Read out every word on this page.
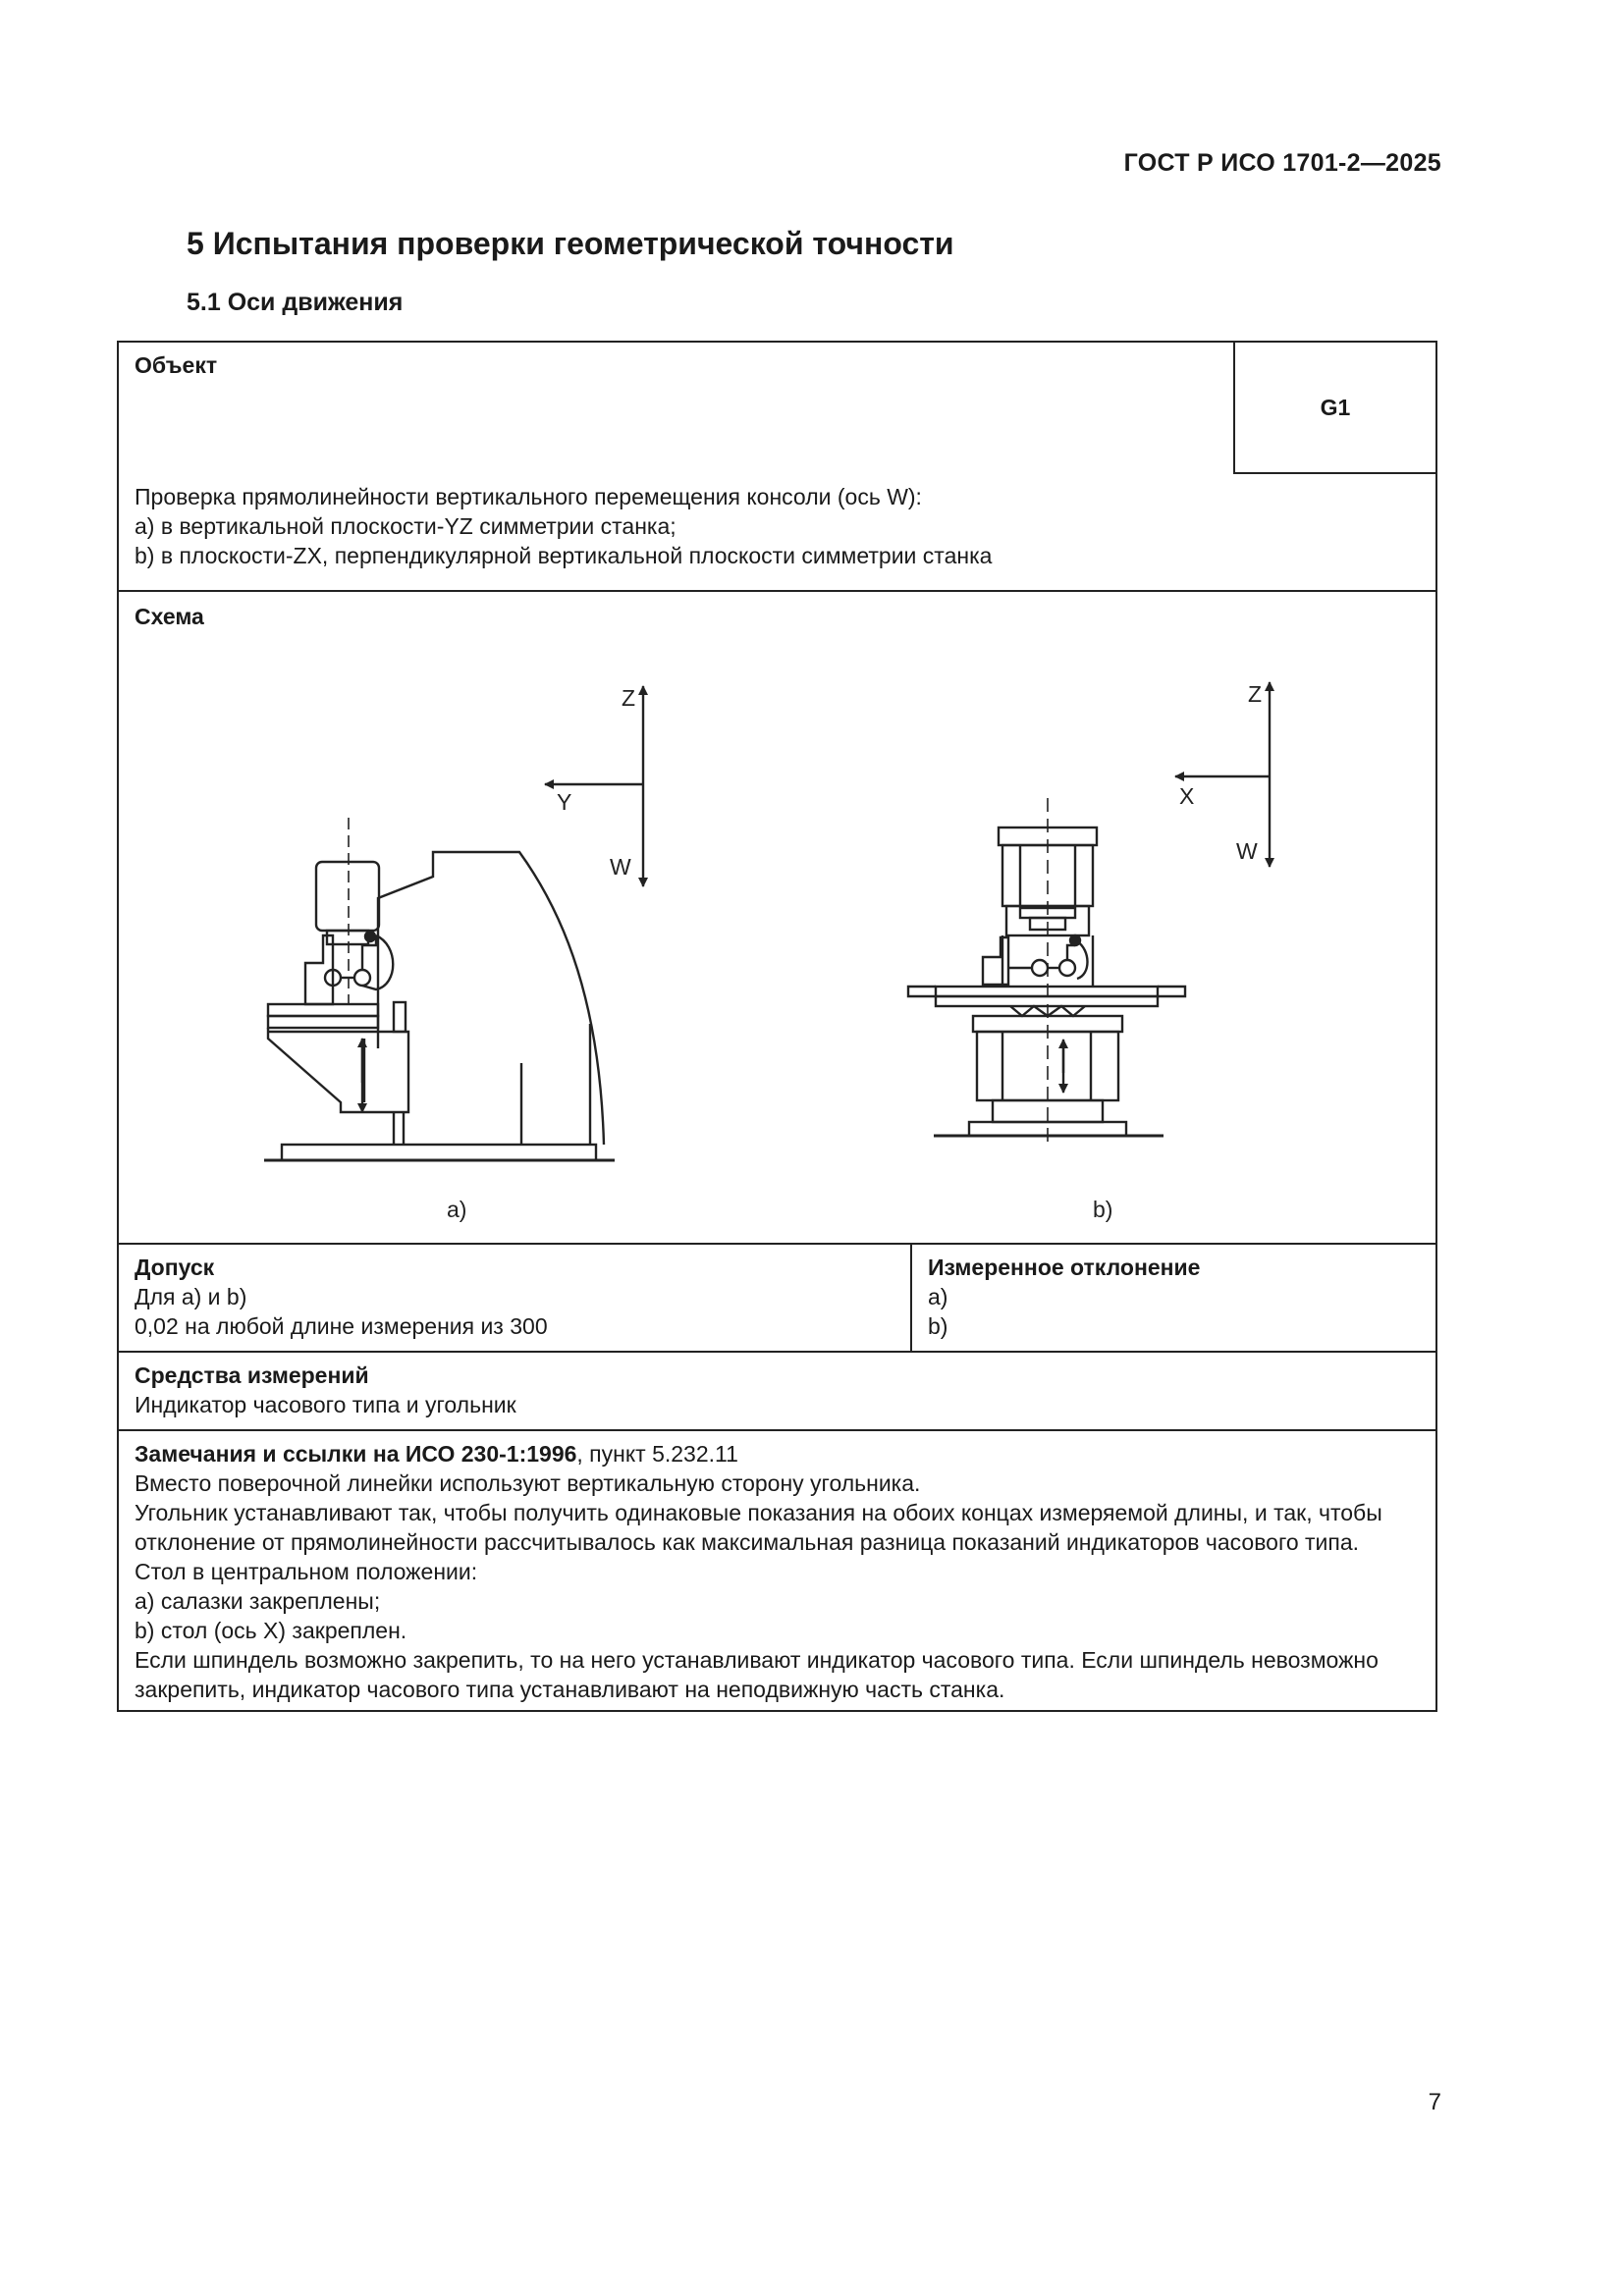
ГОСТ Р ИСО 1701-2—2025
5 Испытания проверки геометрической точности
5.1 Оси движения
Объект
G1
Проверка прямолинейности вертикального перемещения консоли (ось W):
a) в вертикальной плоскости-YZ симметрии станка;
b) в плоскости-ZX, перпендикулярной вертикальной плоскости симметрии станка
Z
Y
W
a)
Z
X
W
b)
Схема
Допуск
Для a) и b)
0,02 на любой длине измерения из 300
Измеренное отклонение
a)
b)
Средства измерений
Индикатор часового типа и угольник

Замечания и ссылки на ИСО 230-1:1996, пункт 5.232.11

Вместо поверочной линейки используют вертикальную сторону угольника.

Угольник устанавливают так, чтобы получить одинаковые показания на обоих концах измеряемой длины, и так, чтобы отклонение от прямолинейности рассчитывалось как максимальная разница показаний индикаторов часового типа.

Стол в центральном положении:

a) салазки закреплены;

b) стол (ось X) закреплен.

Если шпиндель возможно закрепить, то на него устанавливают индикатор часового типа. Если шпиндель невозможно закрепить, индикатор часового типа устанавливают на неподвижную часть станка.

7
